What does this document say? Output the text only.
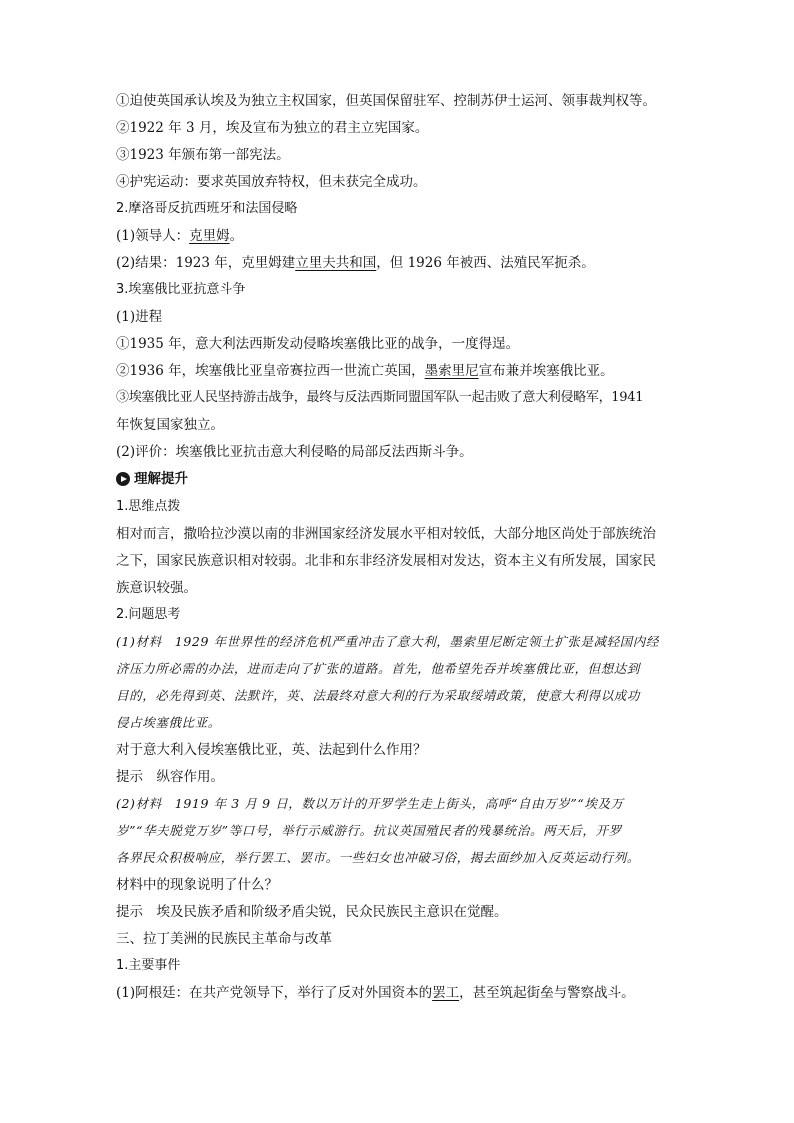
①迫使英国承认埃及为独立主权国家，但英国保留驻军、控制苏伊士运河、领事裁判权等。
②1922 年 3 月，埃及宣布为独立的君主立宪国家。
③1923 年颁布第一部宪法。
④护宪运动：要求英国放弃特权，但未获完全成功。
2.摩洛哥反抗西班牙和法国侵略
(1)领导人：克里姆。
(2)结果：1923 年，克里姆建立里夫共和国，但 1926 年被西、法殖民军扼杀。
3.埃塞俄比亚抗意斗争
(1)进程
①1935 年，意大利法西斯发动侵略埃塞俄比亚的战争，一度得逞。
②1936 年，埃塞俄比亚皇帝赛拉西一世流亡英国，墨索里尼宣布兼并埃塞俄比亚。
③埃塞俄比亚人民坚持游击战争，最终与反法西斯同盟国军队一起击败了意大利侵略军，1941
年恢复国家独立。
(2)评价：埃塞俄比亚抗击意大利侵略的局部反法西斯斗争。
理解提升
1.思维点拨
相对而言，撒哈拉沙漠以南的非洲国家经济发展水平相对较低，大部分地区尚处于部族统治
之下，国家民族意识相对较弱。北非和东非经济发展相对发达，资本主义有所发展，国家民
族意识较强。
2.问题思考
(1)材料　1929 年世界性的经济危机严重冲击了意大利，墨索里尼断定领土扩张是减轻国内经
济压力所必需的办法，进而走向了扩张的道路。首先，他希望先吞并埃塞俄比亚，但想达到
目的，必先得到英、法默许，英、法最终对意大利的行为采取绥靖政策，使意大利得以成功
侵占埃塞俄比亚。
对于意大利入侵埃塞俄比亚，英、法起到什么作用？
提示　纵容作用。
(2)材料　1919 年 3 月 9 日，数以万计的开罗学生走上街头，高呼“自由万岁”“埃及万
岁”“华夫脱党万岁”等口号，举行示威游行。抗议英国殖民者的残暴统治。两天后，开罗
各界民众积极响应，举行罢工、罢市。一些妇女也冲破习俗，揭去面纱加入反英运动行列。
材料中的现象说明了什么？
提示　埃及民族矛盾和阶级矛盾尖锐，民众民族民主意识在觉醒。
三、拉丁美洲的民族民主革命与改革
1.主要事件
(1)阿根廷：在共产党领导下，举行了反对外国资本的罢工，甚至筑起街垒与警察战斗。
